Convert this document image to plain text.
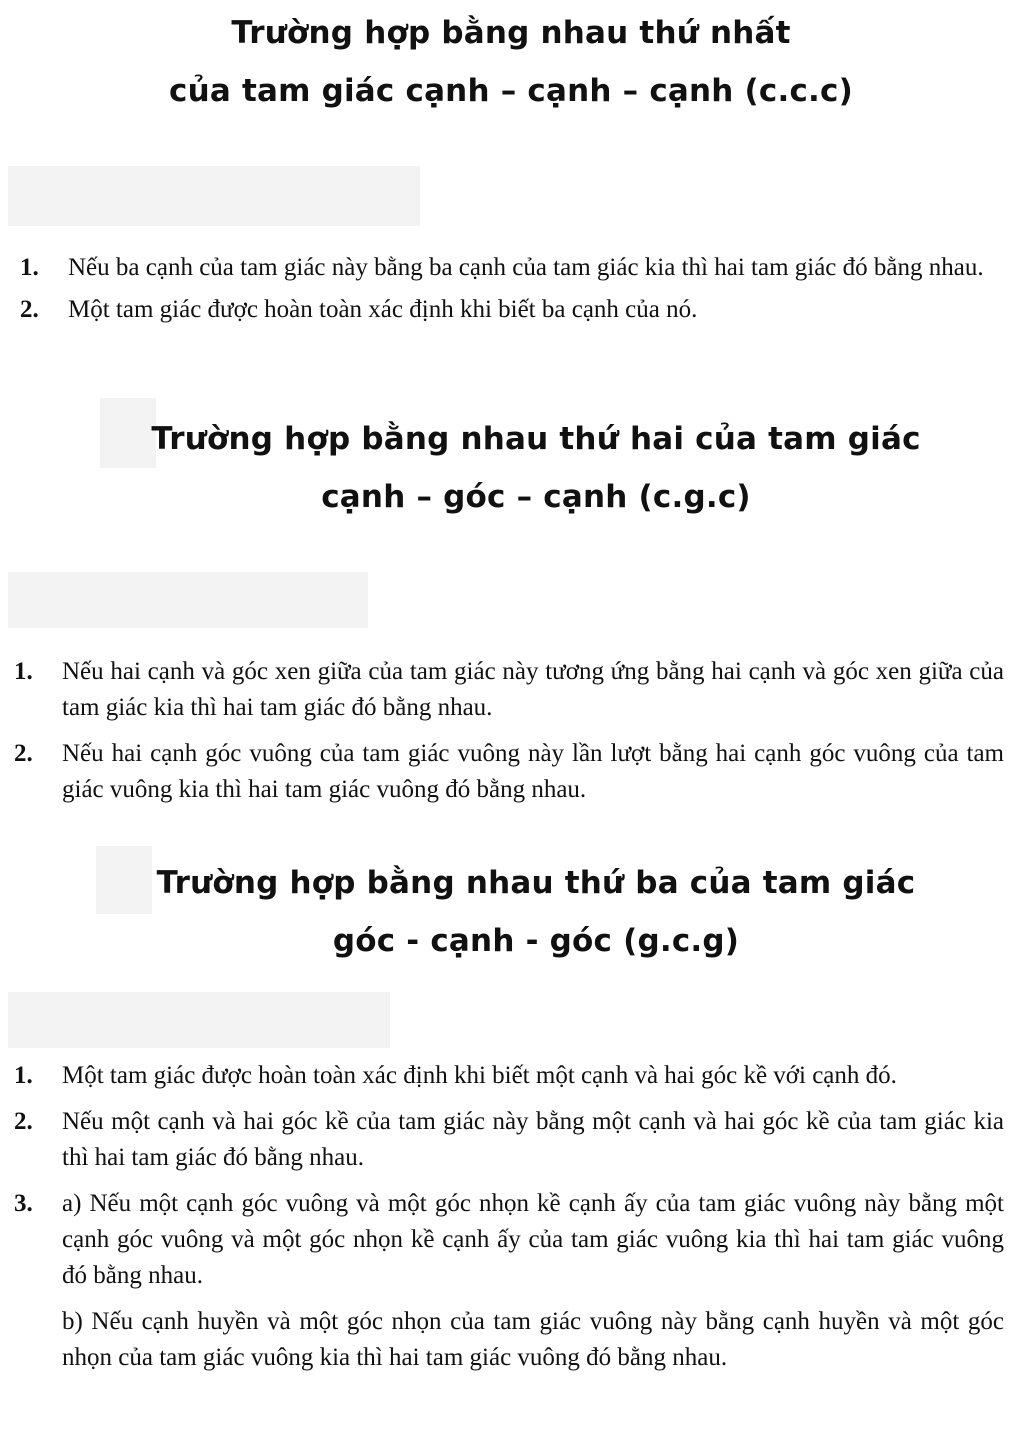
Trường hợp bằng nhau thứ nhất
của tam giác cạnh – cạnh – cạnh (c.c.c)
1. Nếu ba cạnh của tam giác này bằng ba cạnh của tam giác kia thì hai tam giác đó bằng nhau.
2. Một tam giác được hoàn toàn xác định khi biết ba cạnh của nó.
Trường hợp bằng nhau thứ hai của tam giác
cạnh – góc – cạnh (c.g.c)
1. Nếu hai cạnh và góc xen giữa của tam giác này tương ứng bằng hai cạnh và góc xen giữa của tam giác kia thì hai tam giác đó bằng nhau.
2. Nếu hai cạnh góc vuông của tam giác vuông này lần lượt bằng hai cạnh góc vuông của tam giác vuông kia thì hai tam giác vuông đó bằng nhau.
Trường hợp bằng nhau thứ ba của tam giác
góc - cạnh - góc (g.c.g)
1. Một tam giác được hoàn toàn xác định khi biết một cạnh và hai góc kề với cạnh đó.
2. Nếu một cạnh và hai góc kề của tam giác này bằng một cạnh và hai góc kề của tam giác kia thì hai tam giác đó bằng nhau.
3. a) Nếu một cạnh góc vuông và một góc nhọn kề cạnh ấy của tam giác vuông này bằng một cạnh góc vuông và một góc nhọn kề cạnh ấy của tam giác vuông kia thì hai tam giác vuông đó bằng nhau.
b) Nếu cạnh huyền và một góc nhọn của tam giác vuông này bằng cạnh huyền và một góc nhọn của tam giác vuông kia thì hai tam giác vuông đó bằng nhau.
